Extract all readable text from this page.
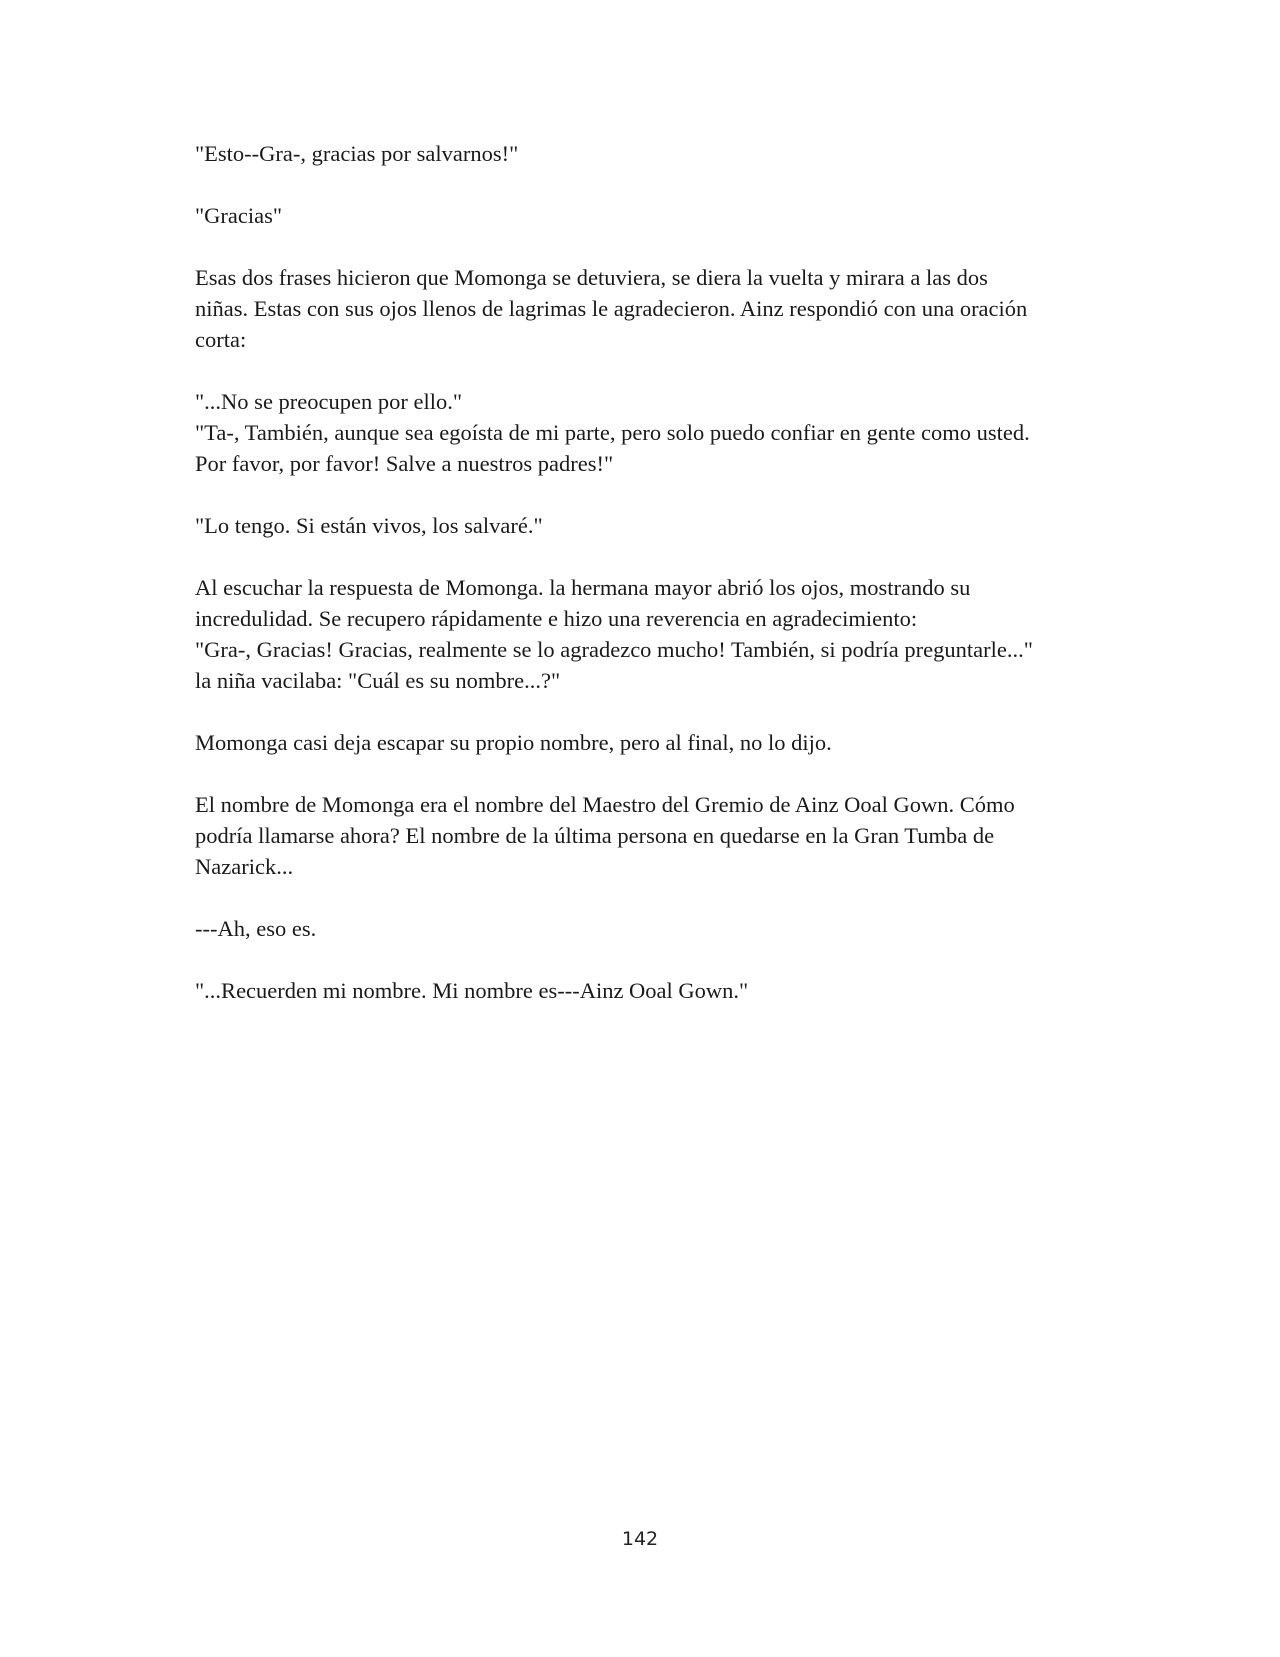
"Esto--Gra-, gracias por salvarnos!"

"Gracias"

Esas dos frases hicieron que Momonga se detuviera, se diera la vuelta y mirara a las dos
niñas. Estas con sus ojos llenos de lagrimas le agradecieron. Ainz respondió con una oración
corta:

"...No se preocupen por ello."

"Ta-, También, aunque sea egoísta de mi parte, pero solo puedo confiar en gente como usted.
Por favor, por favor! Salve a nuestros padres!"

"Lo tengo. Si están vivos, los salvaré."

Al escuchar la respuesta de Momonga. la hermana mayor abrió los ojos, mostrando su
incredulidad. Se recupero rápidamente e hizo una reverencia en agradecimiento:
"Gra-, Gracias! Gracias, realmente se lo agradezco mucho! También, si podría preguntarle..."
la niña vacilaba: "Cuál es su nombre...?"

Momonga casi deja escapar su propio nombre, pero al final, no lo dijo.

El nombre de Momonga era el nombre del Maestro del Gremio de Ainz Ooal Gown. Cómo
podría llamarse ahora? El nombre de la última persona en quedarse en la Gran Tumba de
Nazarick...

---Ah, eso es.

"...Recuerden mi nombre. Mi nombre es---Ainz Ooal Gown."

142
